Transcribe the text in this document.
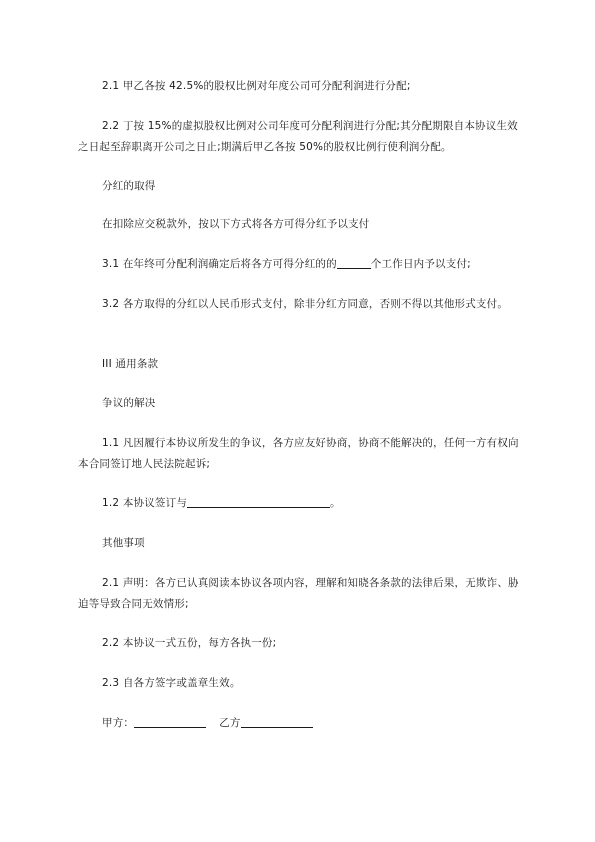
2.1 甲乙各按 42.5%的股权比例对年度公司可分配利润进行分配;

2.2 丁按 15%的虚拟股权比例对公司年度可分配利润进行分配;其分配期限自本协议生效之日起至辞职离开公司之日止;期满后甲乙各按 50%的股权比例行使利润分配。

分红的取得

在扣除应交税款外，按以下方式将各方可得分红予以支付

3.1 在年终可分配利润确定后将各方可得分红的的	个工作日内予以支付;

3.2 各方取得的分红以人民币形式支付，除非分红方同意，否则不得以其他形式支付。

III 通用条款

争议的解决

1.1 凡因履行本协议所发生的争议，各方应友好协商，协商不能解决的，任何一方有权向本合同签订地人民法院起诉;

1.2 本协议签订与	。

其他事项

2.1 声明：各方已认真阅读本协议各项内容，理解和知晓各条款的法律后果，无欺诈、胁迫等导致合同无效情形;

2.2 本协议一式五份，每方各执一份;

2.3 自各方签字或盖章生效。

甲方：	乙方
